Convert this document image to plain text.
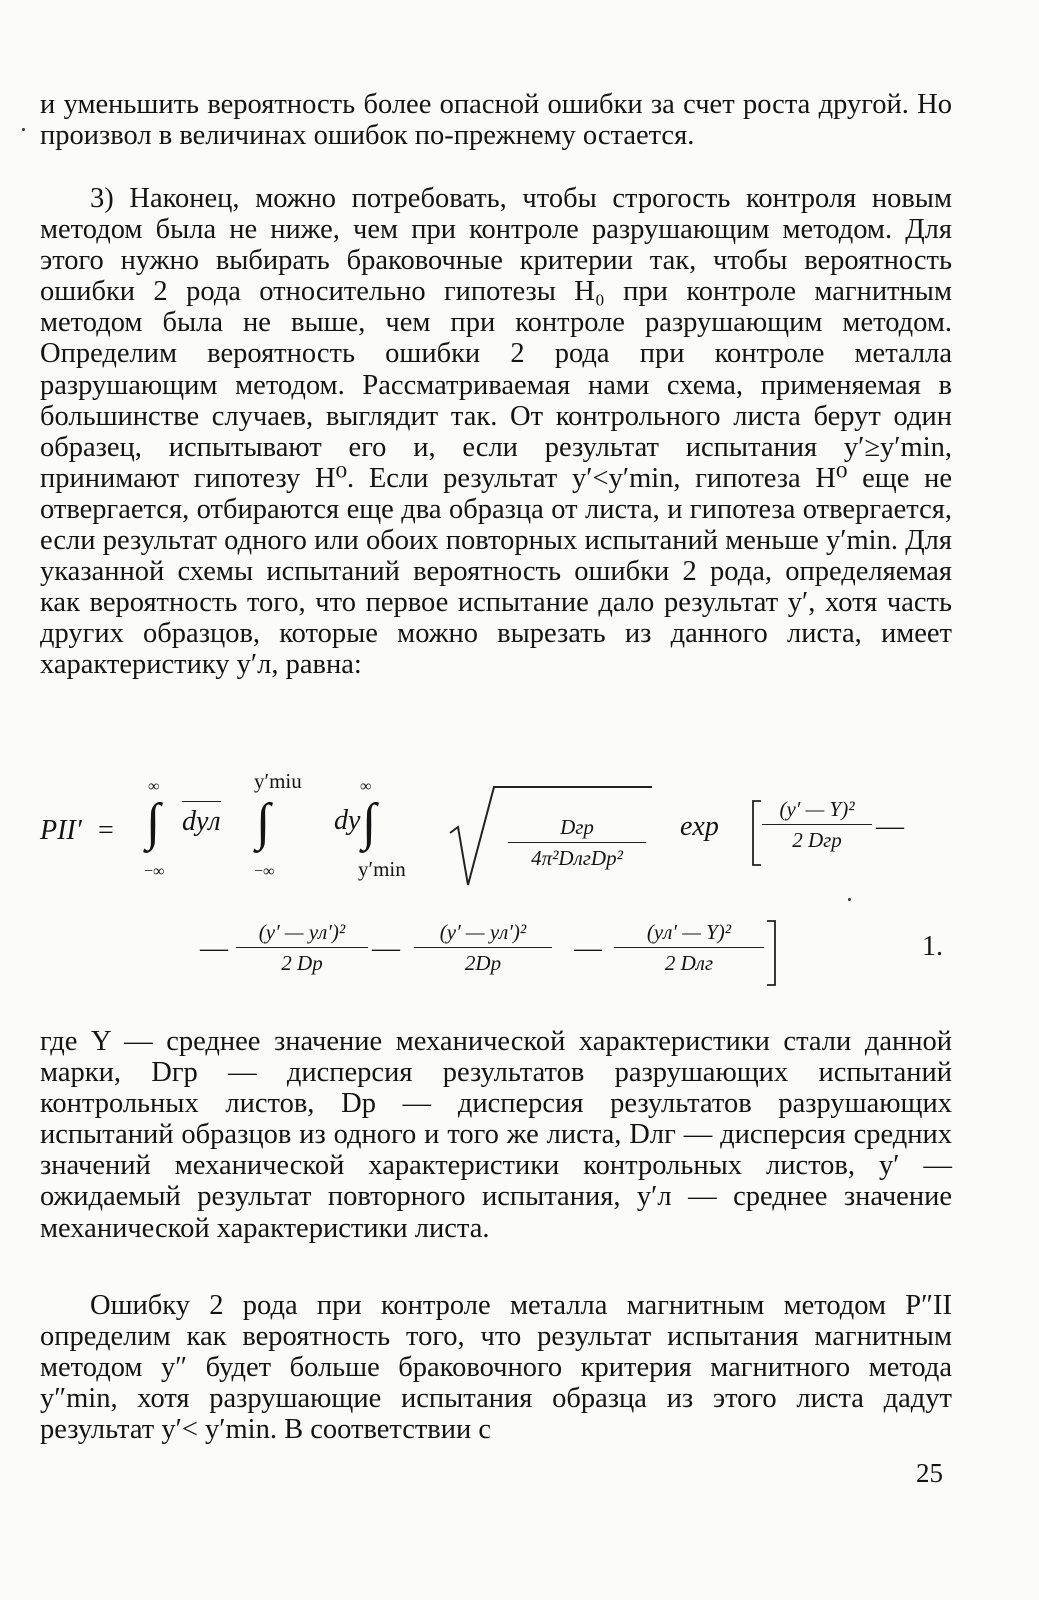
и уменьшить вероятность более опасной ошибки за счет роста другой. Но произвол в величинах ошибок по-прежнему остается.
3) Наконец, можно потребовать, чтобы строгость контроля новым методом была не ниже, чем при контроле разрушающим методом. Для этого нужно выбирать браковочные критерии так, чтобы вероятность ошибки 2 рода относительно гипотезы H₀ при контроле магнитным методом была не выше, чем при контроле разрушающим методом. Определим вероятность ошибки 2 рода при контроле металла разрушающим методом. Рассматриваемая нами схема, применяемая в большинстве случаев, выглядит так. От контрольного листа берут один образец, испытывают его и, если результат испытания y′≥y′min, принимают гипотезу H⁰. Если результат y′<y′min, гипотеза H⁰ еще не отвергается, отбираются еще два образца от листа, и гипотеза отвергается, если результат одного или обоих повторных испытаний меньше y′min. Для указанной схемы испытаний вероятность ошибки 2 рода, определяемая как вероятность того, что первое испытание дало результат y′, хотя часть других образцов, которые можно вырезать из данного листа, имеет характеристику y′л, равна:
PII′ =
∞
∫
−∞
dyл
y′miu
∫
−∞
dy
∞
∫
y′min
Dгр
4π²DлгDр²
exp
(y′ — Y)²
2 Dгр	—
—
(y′ — yл′)²
2 Dр	—
(y′ — yл′)²
2Dp	—
(yл′ — Y)²
2 Dлг
1.
где Y — среднее значение механической характеристики стали данной марки, Dгр — дисперсия результатов разрушающих испытаний контрольных листов, Dр — дисперсия результатов разрушающих испытаний образцов из одного и того же листа, Dлг — дисперсия средних значений механической характеристики контрольных листов, y′ — ожидаемый результат повторного испытания, y′л — среднее значение механической характеристики листа.
Ошибку 2 рода при контроле металла магнитным методом P″II определим как вероятность того, что результат испытания магнитным методом y″ будет больше браковочного критерия магнитного метода y″min, хотя разрушающие испытания образца из этого листа дадут результат y′< y′min. В соответствии с
25
